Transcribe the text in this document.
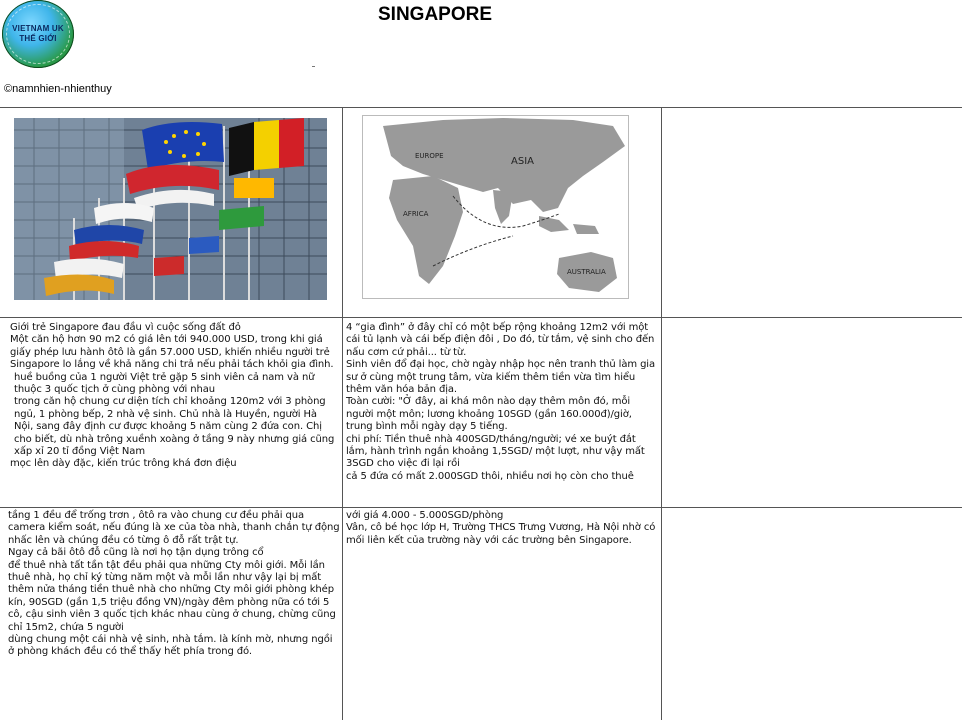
VIETNAM UK
THẾ GIỚI
SINGAPORE
©namnhien-nhienthuy
EUROPE	ASIA
AFRICA
AUSTRALIA

Giới trẻ Singapore đau đầu vì cuộc sống đất đỏ

Một căn hộ hơn 90 m2 có giá lên tới 940.000 USD, trong khi giá giấy phép lưu hành ôtô là gần 57.000 USD, khiến nhiều người trẻ Singapore lo lắng về khả năng chi trả nếu phải tách khỏi gia đình.

huề buồng của 1 người Việt trẻ gặp 5 sinh viên cả nam và nữ thuộc 3 quốc tịch ở cùng phòng với nhau

trong căn hộ chung cư diện tích chỉ khoảng 120m2 với 3 phòng ngủ, 1 phòng bếp, 2 nhà vệ sinh. Chủ nhà là Huyền, người Hà Nội, sang đây định cư được khoảng 5 năm cùng 2 đứa con. Chị cho biết, dù nhà trông xuềnh xoàng ở tầng 9 này nhưng giá cũng xấp xỉ 20 tỉ đồng Việt Nam

mọc lên dày đặc, kiến trúc trông khá đơn điệu

4 “gia đình” ở đây chỉ có một bếp rộng khoảng 12m2 với một cái tủ lạnh và cái bếp điện đôi , Do đó, từ tắm, vệ sinh cho đến nấu cơm cứ phải... từ từ.

Sinh viên đổ đại học, chờ ngày nhập học nên tranh thủ làm gia sư ở cùng một trung tâm, vừa kiếm thêm tiền vừa tìm hiểu thêm văn hóa bản địa.

Toàn cười: "Ở đây, ai khá môn nào dạy thêm môn đó, mỗi người một môn; lương khoảng 10SGD (gần 160.000đ)/giờ, trung bình mỗi ngày dạy 5 tiếng.

chi phí: Tiền thuê nhà 400SGD/tháng/người; vé xe buýt đắt lắm, hành trình ngắn khoảng 1,5SGD/ một lượt, như vậy mất 3SGD cho việc đi lại rồi

cả 5 đứa có mất 2.000SGD thôi, nhiều nơi họ còn cho thuê

tầng 1 đều để trống trơn , ôtô ra vào chung cư đều phải qua camera kiểm soát, nếu đúng là xe của tòa nhà, thanh chắn tự động nhấc lên và chúng đều có từng ô đỗ rất trật tự.

Ngay cả bãi ôtô đỗ cũng là nơi họ tận dụng trông cổ

để thuê nhà tất tần tật đều phải qua những Cty môi giới. Mỗi lần thuê nhà, họ chỉ ký từng năm một và mỗi lần như vậy lại bị mất thêm nửa tháng tiền thuê nhà cho những Cty môi giới phòng khép kín, 90SGD (gần 1,5 triệu đồng VN)/ngày đêm phòng nữa có tới 5 cô, cậu sinh viên 3 quốc tịch khác nhau cùng ở chung, chừng cũng chỉ 15m2, chứa 5 người

dùng chung một cái nhà vệ sinh, nhà tắm. là kính mờ, nhưng ngồi ở phòng khách đều có thể thấy hết phía trong đó.

với giá 4.000 - 5.000SGD/phòng

Vân, cô bé học lớp H, Trường THCS Trưng Vương, Hà Nội nhờ có mối liên kết của trường này với các trường bên Singapore.
